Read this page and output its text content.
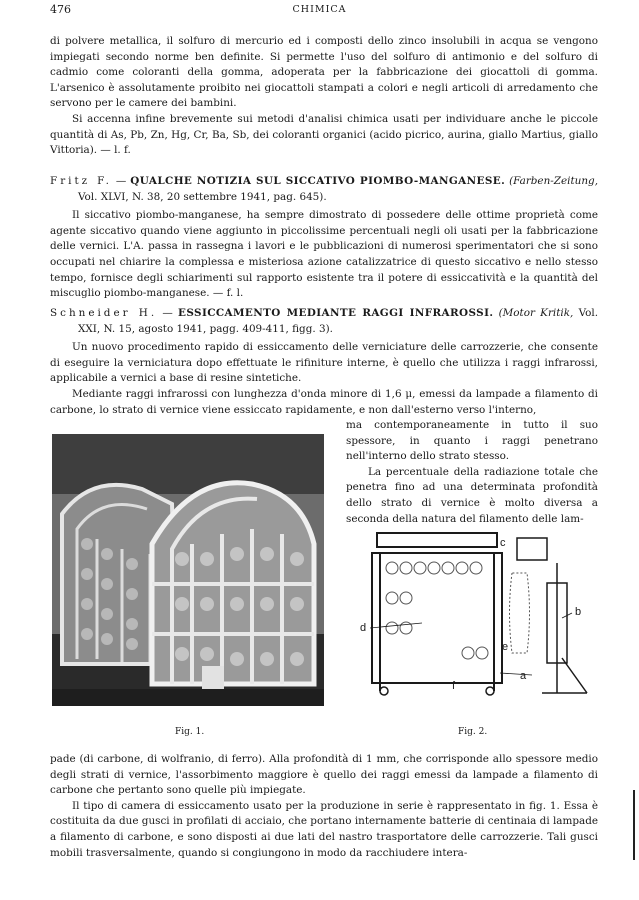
476	CHIMICA

di polvere metallica, il solfuro di mercurio ed i composti dello zinco insolubili in acqua se vengono impiegati secondo norme ben definite. Si permette l'uso del solfuro di antimonio e del solfuro di cadmio come coloranti della gomma, adoperata per la fabbricazione dei giocattoli di gomma. L'arsenico è assolutamente proibito nei giocattoli stampati a colori e negli articoli di arredamento che servono per le camere dei bambini.

Si accenna infine brevemente sui metodi d'analisi chimica usati per individuare anche le piccole quantità di As, Pb, Zn, Hg, Cr, Ba, Sb, dei coloranti organici (acido picrico, aurina, giallo Martius, giallo Vittoria). — l. f.

Fritz F. — QUALCHE NOTIZIA SUL SICCATIVO PIOMBO-MANGANESE. (Farben-Zeitung, Vol. XLVI, N. 38, 20 settembre 1941, pag. 645).

Il siccativo piombo-manganese, ha sempre dimostrato di possedere delle ottime proprietà come agente siccativo quando viene aggiunto in piccolissime percentuali negli oli usati per la fabbricazione delle vernici. L'A. passa in rassegna i lavori e le pubblicazioni di numerosi sperimentatori che si sono occupati nel chiarire la complessa e misteriosa azione catalizzatrice di questo siccativo e nello stesso tempo, fornisce degli schiarimenti sul rapporto esistente tra il potere di essiccatività e la quantità del miscuglio piombo-manganese. — f. l.

Schneider H. — ESSICCAMENTO MEDIANTE RAGGI INFRAROSSI. (Motor Kritik, Vol. XXI, N. 15, agosto 1941, pagg. 409-411, figg. 3).

Un nuovo procedimento rapido di essiccamento delle verniciature delle carrozzerie, che consente di eseguire la verniciatura dopo effettuate le rifiniture interne, è quello che utilizza i raggi infrarossi, applicabile a vernici a base di resine sintetiche.

Mediante raggi infrarossi con lunghezza d'onda minore di 1,6 μ, emessi da lampade a filamento di carbone, lo strato di vernice viene essiccato rapidamente, e non dall'esterno verso l'interno,

ma contemporaneamente in tutto il suo spessore, in quanto i raggi penetrano nell'interno dello strato stesso.

La percentuale della radiazione totale che penetra fino ad una determinata profondità dello strato di vernice è molto diversa a seconda della natura del filamento delle lam-

Fig. 1.
d
c
b
e
a
f
Fig. 2.

pade (di carbone, di wolfranio, di ferro). Alla profondità di 1 mm, che corrisponde allo spessore medio degli strati di vernice, l'assorbimento maggiore è quello dei raggi emessi da lampade a filamento di carbone che pertanto sono quelle più impiegate.

Il tipo di camera di essiccamento usato per la produzione in serie è rappresentato in fig. 1. Essa è costituita da due gusci in profilati di acciaio, che portano internamente batterie di centinaia di lampade a filamento di carbone, e sono disposti ai due lati del nastro trasportatore delle carrozzerie. Tali gusci mobili trasversalmente, quando si congiungono in modo da racchiudere intera-
